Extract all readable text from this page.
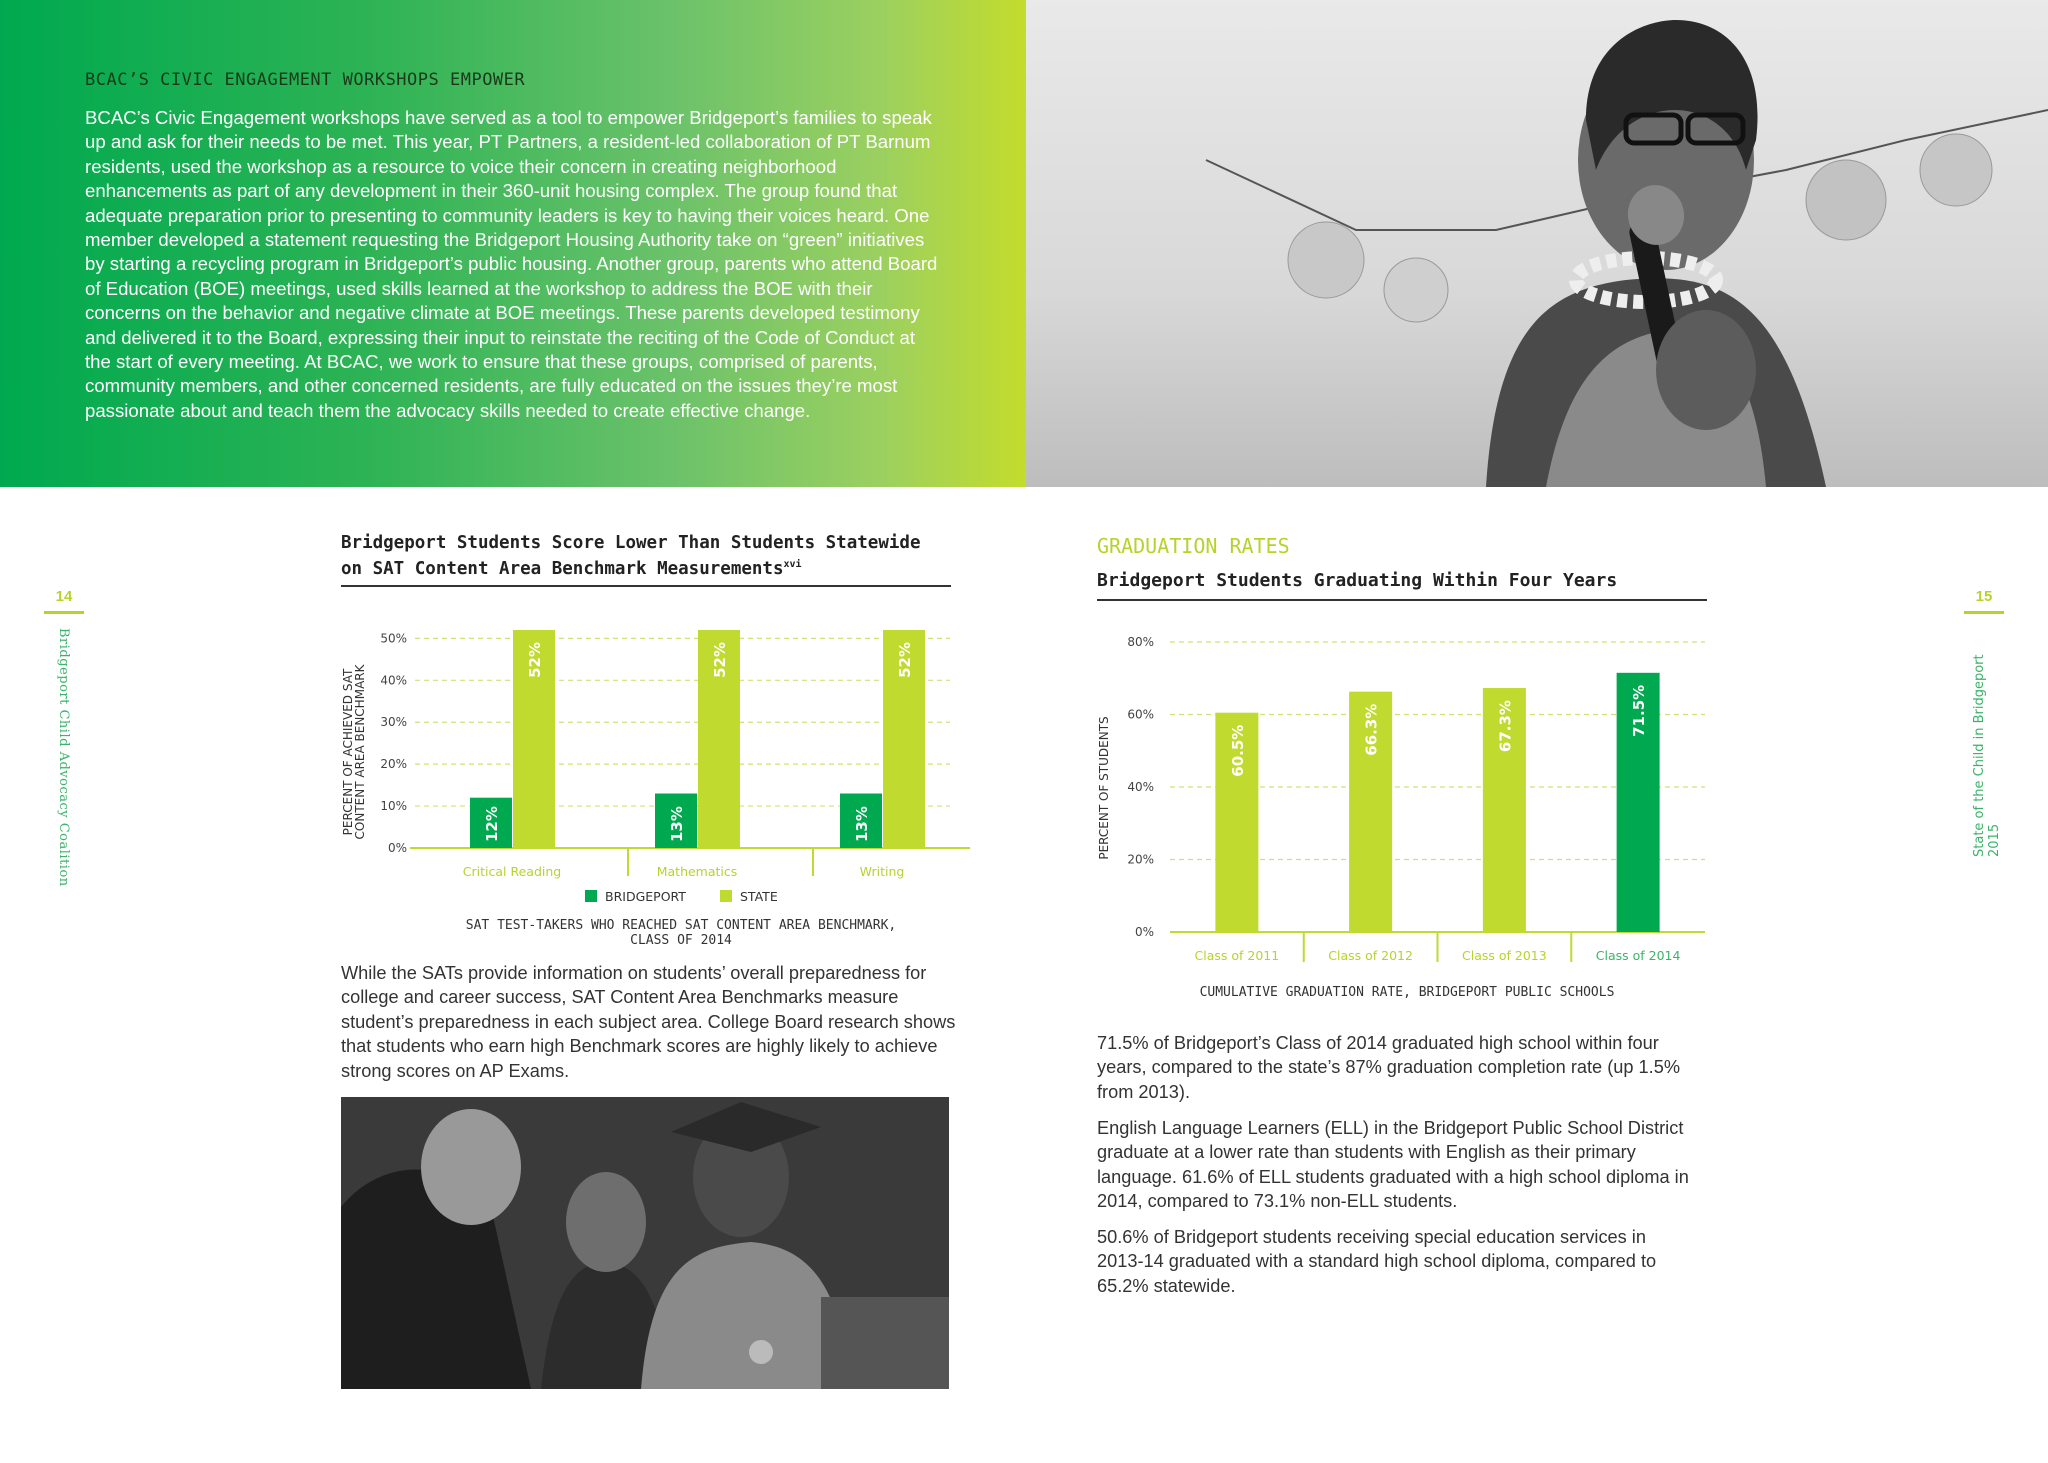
BCAC’S CIVIC ENGAGEMENT WORKSHOPS EMPOWER
BCAC’s Civic Engagement workshops have served as a tool to empower Bridgeport’s families to speak up and ask for their needs to be met. This year, PT Partners, a resident-led collaboration of PT Barnum residents, used the workshop as a resource to voice their concern in creating neighborhood enhancements as part of any development in their 360-unit housing complex. The group found that adequate preparation prior to presenting to community leaders is key to having their voices heard. One member developed a statement requesting the Bridgeport Housing Authority take on “green” initiatives by starting a recycling program in Bridgeport’s public housing. Another group, parents who attend Board of Education (BOE) meetings, used skills learned at the workshop to address the BOE with their concerns on the behavior and negative climate at BOE meetings. These parents developed testimony and delivered it to the Board, expressing their input to reinstate the reciting of the Code of Conduct at the start of every meeting. At BCAC, we work to ensure that these groups, comprised of parents, community members, and other concerned residents, are fully educated on the issues they’re most passionate about and teach them the advocacy skills needed to create effective change.
14
Bridgeport Child Advocacy Coalition
15
State of the Child in Bridgeport 2015
Bridgeport Students Score Lower Than Students Statewide
on SAT Content Area Benchmark Measurements$^{xvi}$
0%
10%
20%
30%
40%
50%
PERCENT OF ACHIEVED SAT
CONTENT AREA BENCHMARK	12%
52%
Critical Reading
13%
52%
Mathematics
13%
52%
Writing
BRIDGEPORT	STATE
SAT TEST-TAKERS WHO REACHED SAT CONTENT AREA BENCHMARK,
CLASS OF 2014
While the SATs provide information on students’ overall preparedness for college and career success, SAT Content Area Benchmarks measure student’s preparedness in each subject area. College Board research shows that students who earn high Benchmark scores are highly likely to achieve strong scores on AP Exams.
GRADUATION RATES
Bridgeport Students Graduating Within Four Years
0%
20%
40%
60%
80%
PERCENT OF STUDENTS	60.5%
Class of 2011
66.3%
Class of 2012
67.3%
Class of 2013
71.5%
Class of 2014
CUMULATIVE GRADUATION RATE, BRIDGEPORT PUBLIC SCHOOLS
71.5% of Bridgeport’s Class of 2014 graduated high school within four years, compared to the state’s 87% graduation completion rate (up 1.5% from 2013).
English Language Learners (ELL) in the Bridgeport Public School District graduate at a lower rate than students with English as their primary language. 61.6% of ELL students graduated with a high school diploma in 2014, compared to 73.1% non-ELL students.
50.6% of Bridgeport students receiving special education services in 2013-14 graduated with a standard high school diploma, compared to 65.2% statewide.
